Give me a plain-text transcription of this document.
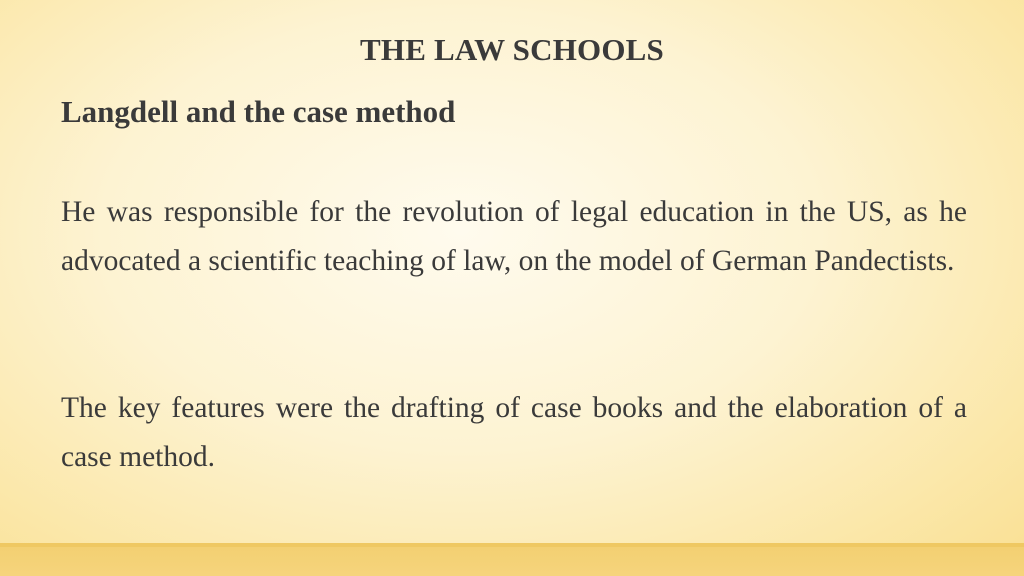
THE LAW SCHOOLS
Langdell and the case method
He was responsible for the revolution of legal education in the US, as he advocated a scientific teaching of law, on the model of German Pandectists.
The key features were the drafting of case books and the elaboration of a case method.
